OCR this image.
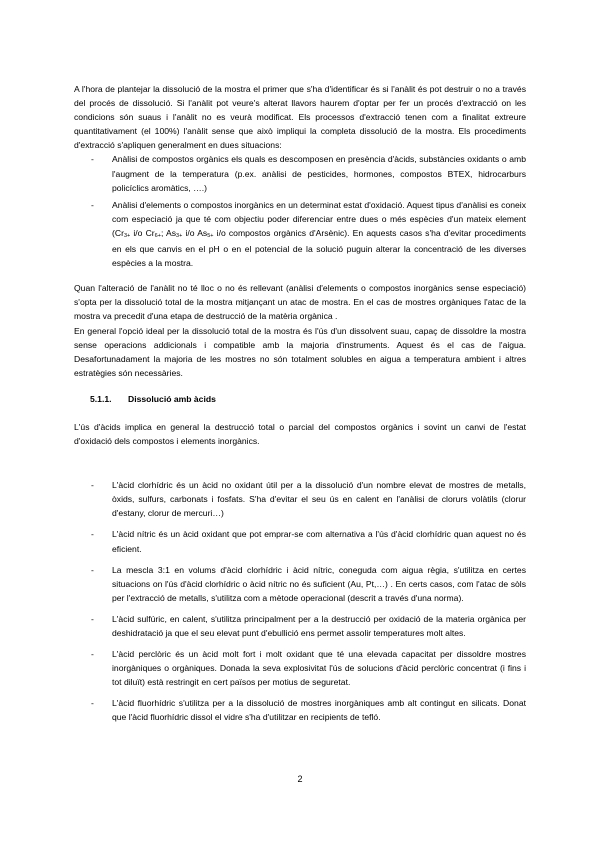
A l'hora de plantejar la dissolució de la mostra el primer que s'ha d'identificar és si l'anàlit és pot destruir o no a través del procés de dissolució. Si l'anàlit pot veure's alterat llavors haurem d'optar per fer un procés d'extracció on les condicions són suaus i l'anàlit no es veurà modificat. Els processos d'extracció tenen com a finalitat extreure quantitativament (el 100%) l'anàlit sense que això impliqui la completa dissolució de la mostra. Els procediments d'extracció s'apliquen generalment en dues situacions:

- Anàlisi de compostos orgànics els quals es descomposen en presència d'àcids, substàncies oxidants o amb l'augment de la temperatura (p.ex. anàlisi de pesticides, hormones, compostos BTEX, hidrocarburs policíclics aromàtics, ….)
- Anàlisi d'elements o compostos inorgànics en un determinat estat d'oxidació. Aquest tipus d'anàlisi es coneix com especiació ja que té com objectiu poder diferenciar entre dues o més espècies d'un mateix element ($Cr_{3+}$ i/o $Cr_{6+}$; $As_{3+}$ i/o $As_{5+}$ i/o compostos orgànics d'Arsènic). En aquests casos s'ha d'evitar procediments en els que canvis en el pH o en el potencial de la solució puguin alterar la concentració de les diverses espècies a la mostra.

Quan l'alteració de l'anàlit no té lloc o no és rellevant (anàlisi d'elements o compostos inorgànics sense especiació) s'opta per la dissolució total de la mostra mitjançant un atac de mostra. En el cas de mostres orgàniques l'atac de la mostra va precedit d'una etapa de destrucció de la matèria orgànica .

En general l'opció ideal per la dissolució total de la mostra és l'ús d'un dissolvent suau, capaç de dissoldre la mostra sense operacions addicionals i compatible amb la majoria d'instruments. Aquest és el cas de l'aigua. Desafortunadament la majoria de les mostres no són totalment solubles en aigua a temperatura ambient i altres estratègies són necessàries.

5.1.1. Dissolució amb àcids

L'ús d'àcids implica en general la destrucció total o parcial del compostos orgànics i sovint un canvi de l'estat d'oxidació dels compostos i elements inorgànics.

- L'àcid clorhídric és un àcid no oxidant útil per a la dissolució d'un nombre elevat de mostres de metalls, òxids, sulfurs, carbonats i fosfats. S'ha d'evitar el seu ús en calent en l'anàlisi de clorurs volàtils (clorur d'estany, clorur de mercuri…)
- L'àcid nítric és un àcid oxidant que pot emprar-se com alternativa a l'ús d'àcid clorhídric quan aquest no és eficient.
- La mescla 3:1 en volums d'àcid clorhídric i àcid nítric, coneguda com aigua règia, s'utilitza en certes situacions on l'ús d'àcid clorhídric o àcid nítric no és suficient (Au, Pt,…) . En certs casos, com l'atac de sòls per l'extracció de metalls, s'utilitza com a mètode operacional (descrit a través d'una norma).
- L'àcid sulfúric, en calent, s'utilitza principalment per a la destrucció per oxidació de la materia orgànica per deshidratació ja que el seu elevat punt d'ebullició ens permet assolir temperatures molt altes.
- L'àcid perclòric és un àcid molt fort i molt oxidant que té una elevada capacitat per dissoldre mostres inorgàniques o orgàniques. Donada la seva explosivitat l'ús de solucions d'àcid perclòric concentrat (i fins i tot diluït) està restringit en cert països per motius de seguretat.
- L'àcid fluorhídric s'utilitza per a la dissolució de mostres inorgàniques amb alt contingut en silicats. Donat que l'àcid fluorhídric dissol el vidre s'ha d'utilitzar en recipients de tefló.
2
